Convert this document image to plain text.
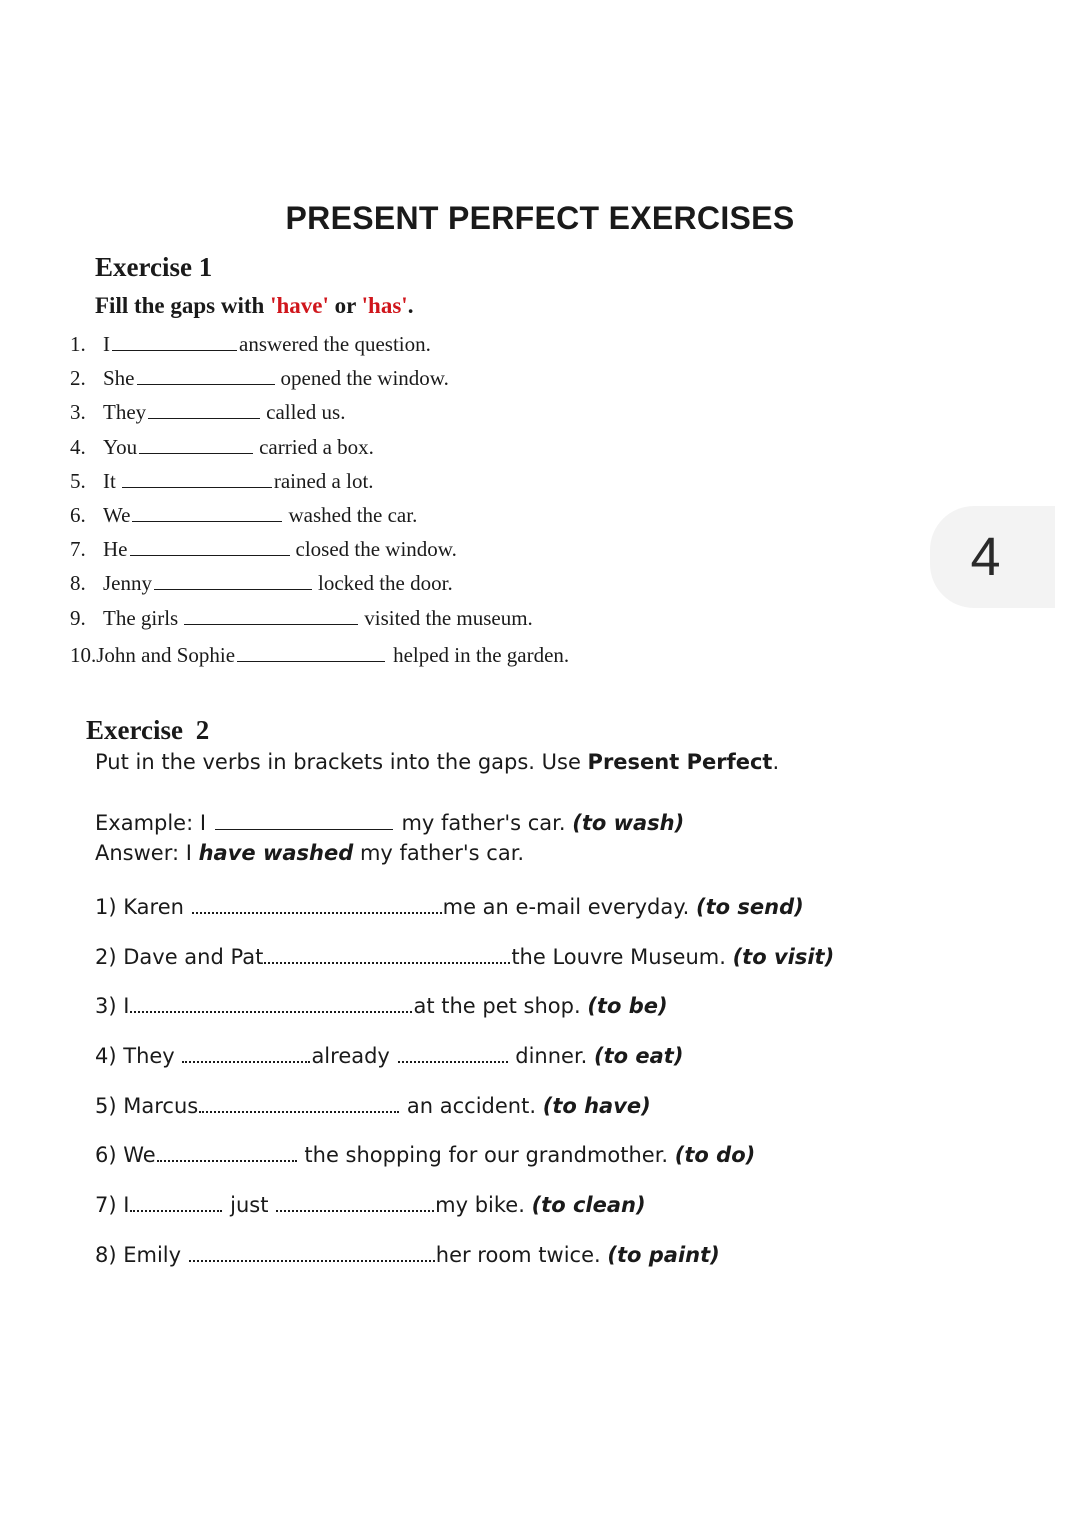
PRESENT PERFECT EXERCISES
Exercise 1
Fill the gaps with 'have' or 'has'.
1. I	answered the question.
2. She	opened the window.
3. They	called us.
4. You	carried a box.
5. It	rained a lot.
6. We	washed the car.
7. He	closed the window.
8. Jenny	locked the door.
9. The girls	visited the museum.
10.John and Sophie	helped in the garden.
4
Exercise 2
Put in the verbs in brackets into the gaps. Use Present Perfect.
Example: I	my father's car. (to wash)
Answer: I have washed my father's car.
1) Karen	me an e-mail everyday. (to send)
2) Dave and Pat	the Louvre Museum. (to visit)
3) I	at the pet shop. (to be)
4) They	already	dinner. (to eat)
5) Marcus	an accident. (to have)
6) We	the shopping for our grandmother. (to do)
7) I	just	my bike. (to clean)
8) Emily	her room twice. (to paint)
